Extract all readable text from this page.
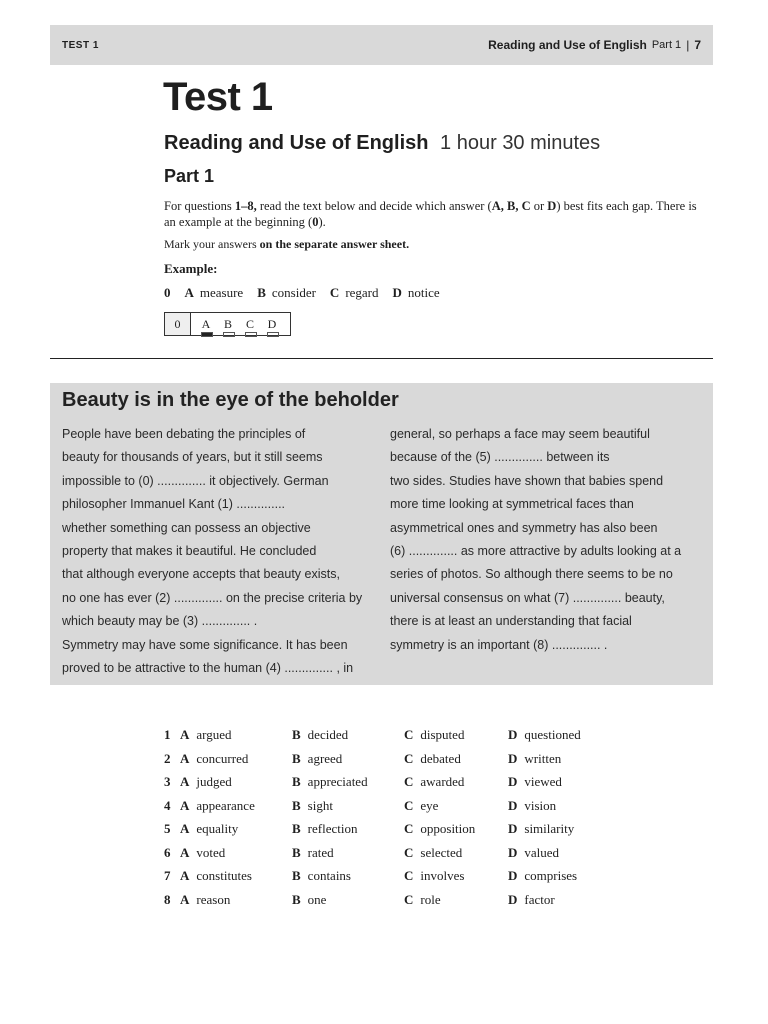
TEST 1	Reading and Use of English Part 1 | 7
Test 1
Reading and Use of English 1 hour 30 minutes
Part 1
For questions 1–8, read the text below and decide which answer (A, B, C or D) best fits each gap. There is an example at the beginning (0).
Mark your answers on the separate answer sheet.
Example:
0 A measure B consider C regard D notice
0	A B C D
Beauty is in the eye of the beholder
People have been debating the principles of
beauty for thousands of years, but it still seems
impossible to (0) .............. it objectively. German
philosopher Immanuel Kant (1) ..............
whether something can possess an objective
property that makes it beautiful. He concluded
that although everyone accepts that beauty exists,
no one has ever (2) .............. on the precise criteria by
which beauty may be (3) .............. .
Symmetry may have some significance. It has been
proved to be attractive to the human (4) .............. , in
general, so perhaps a face may seem beautiful
because of the (5) .............. between its
two sides. Studies have shown that babies spend
more time looking at symmetrical faces than
asymmetrical ones and symmetry has also been
(6) .............. as more attractive by adults looking at a
series of photos. So although there seems to be no
universal consensus on what (7) .............. beauty,
there is at least an understanding that facial
symmetry is an important (8) .............. .
1 A argued	B decided	C disputed	D questioned
2 A concurred	B agreed	C debated	D written
3 A judged	B appreciated	C awarded	D viewed
4 A appearance	B sight	C eye	D vision
5 A equality	B reflection	C opposition	D similarity
6 A voted	B rated	C selected	D valued
7 A constitutes	B contains	C involves	D comprises
8 A reason	B one	C role	D factor
